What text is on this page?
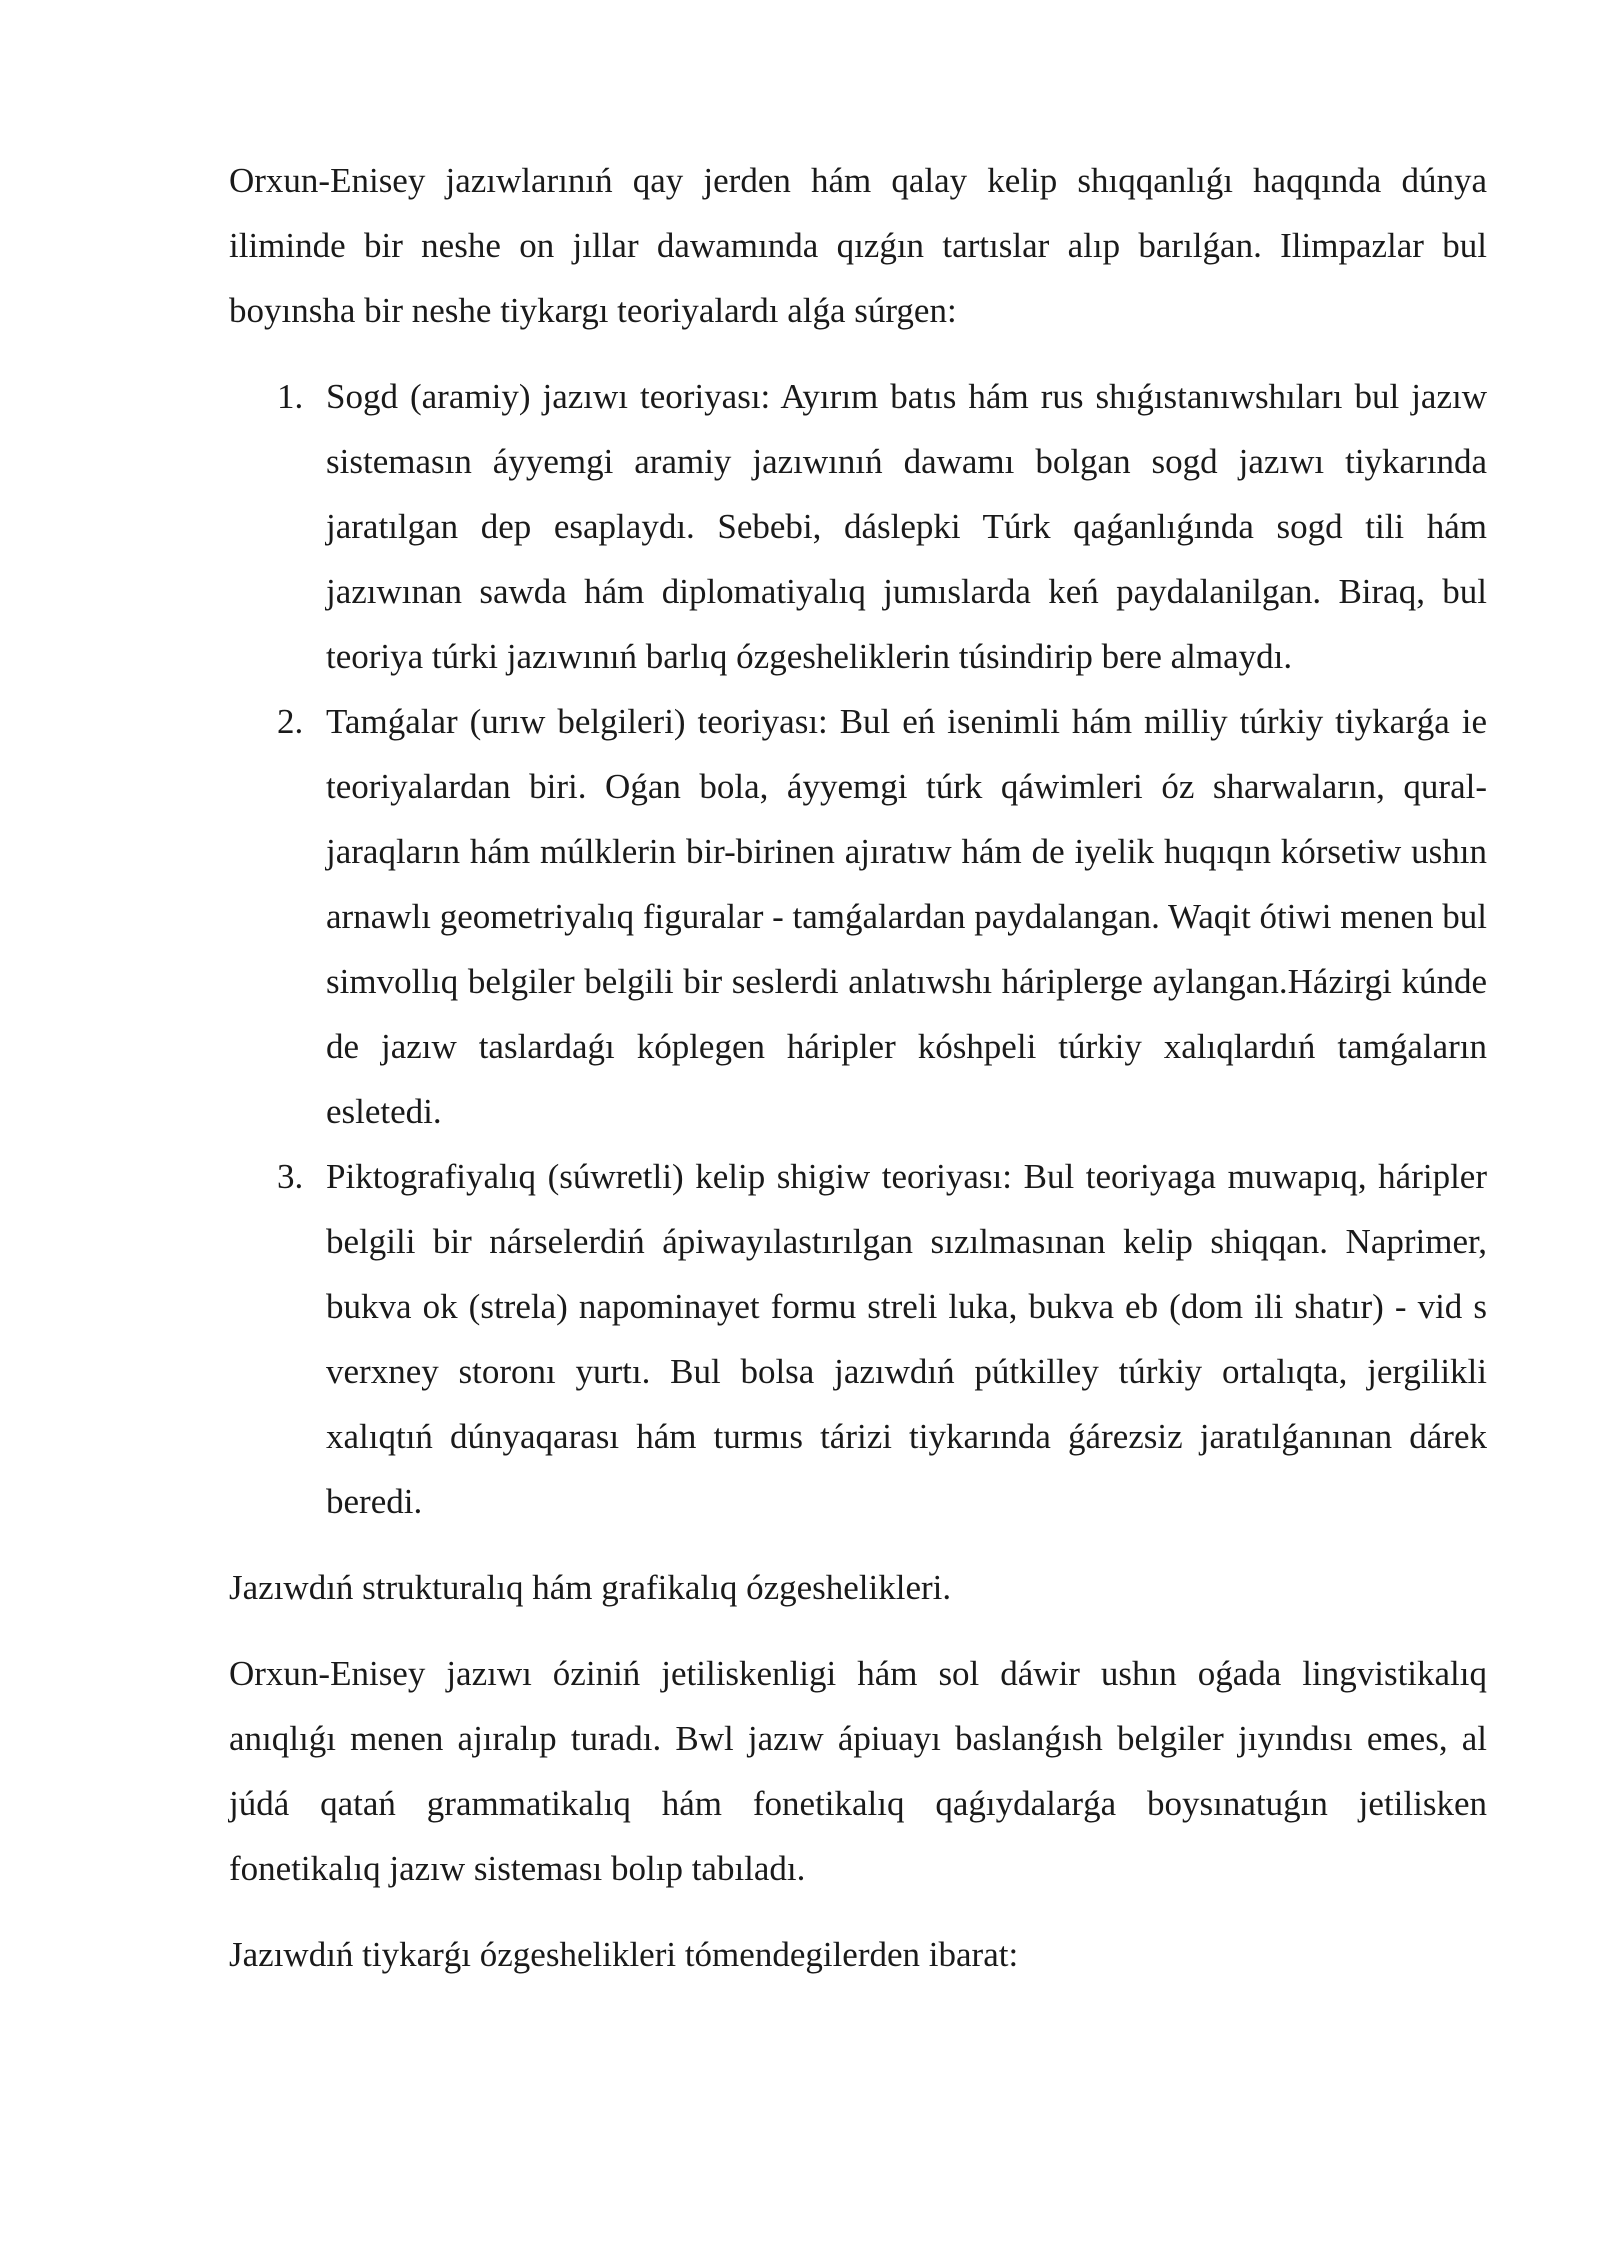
Orxun-Enisey jazıwlarınıń qay jerden hám qalay kelip shıqqanlıǵı haqqında dúnya iliminde bir neshe on jıllar dawamında qızǵın tartıslar alıp barılǵan. Ilimpazlar bul boyınsha bir neshe tiykargı teoriyalardı alǵa súrgen:

1. Sogd (aramiy) jazıwı teoriyası: Ayırım batıs hám rus shıǵıstanıwshıları bul jazıw sistemasın áyyemgi aramiy jazıwınıń dawamı bolgan sogd jazıwı tiykarında jaratılgan dep esaplaydı. Sebebi, dáslepki Túrk qaǵanlıǵında sogd tili hám jazıwınan sawda hám diplomatiyalıq jumıslarda keń paydalanilgan. Biraq, bul teoriya túrki jazıwınıń barlıq ózgesheliklerin túsindirip bere almaydı.
2. Tamǵalar (urıw belgileri) teoriyası: Bul eń isenimli hám milliy túrkiy tiykarǵa ie teoriyalardan biri. Oǵan bola, áyyemgi túrk qáwimleri óz sharwaların, qural-jaraqların hám múlklerin bir-birinen ajıratıw hám de iyelik huqıqın kórsetiw ushın arnawlı geometriyalıq figuralar - tamǵalardan paydalangan. Waqit ótiwi menen bul simvollıq belgiler belgili bir seslerdi anlatıwshı háriplerge aylangan.Házirgi kúnde de jazıw taslardaǵı kóplegen háripler kóshpeli túrkiy xalıqlardıń tamǵaların esletedi.
3. Piktografiyalıq (súwretli) kelip shigiw teoriyası: Bul teoriyaga muwapıq, háripler belgili bir nárselerdiń ápiwayılastırılgan sızılmasınan kelip shiqqan. Naprimer, bukva ok (strela) napominayet formu streli luka, bukva eb (dom ili shatır) - vid s verxney storonı yurtı. Bul bolsa jazıwdıń pútkilley túrkiy ortalıqta, jergilikli xalıqtıń dúnyaqarası hám turmıs tárizi tiykarında ǵárezsiz jaratılǵanınan dárek beredi.

Jazıwdıń strukturalıq hám grafikalıq ózgeshelikleri.

Orxun-Enisey jazıwı óziniń jetiliskenligi hám sol dáwir ushın oǵada lingvistikalıq anıqlıǵı menen ajıralıp turadı. Bwl jazıw ápiuayı baslanǵısh belgiler jıyındısı emes, al júdá qatań grammatikalıq hám fonetikalıq qaǵıydalarǵa boysınatuǵın jetilisken fonetikalıq jazıw sisteması bolıp tabıladı.

Jazıwdıń tiykarǵı ózgeshelikleri tómendegilerden ibarat:
